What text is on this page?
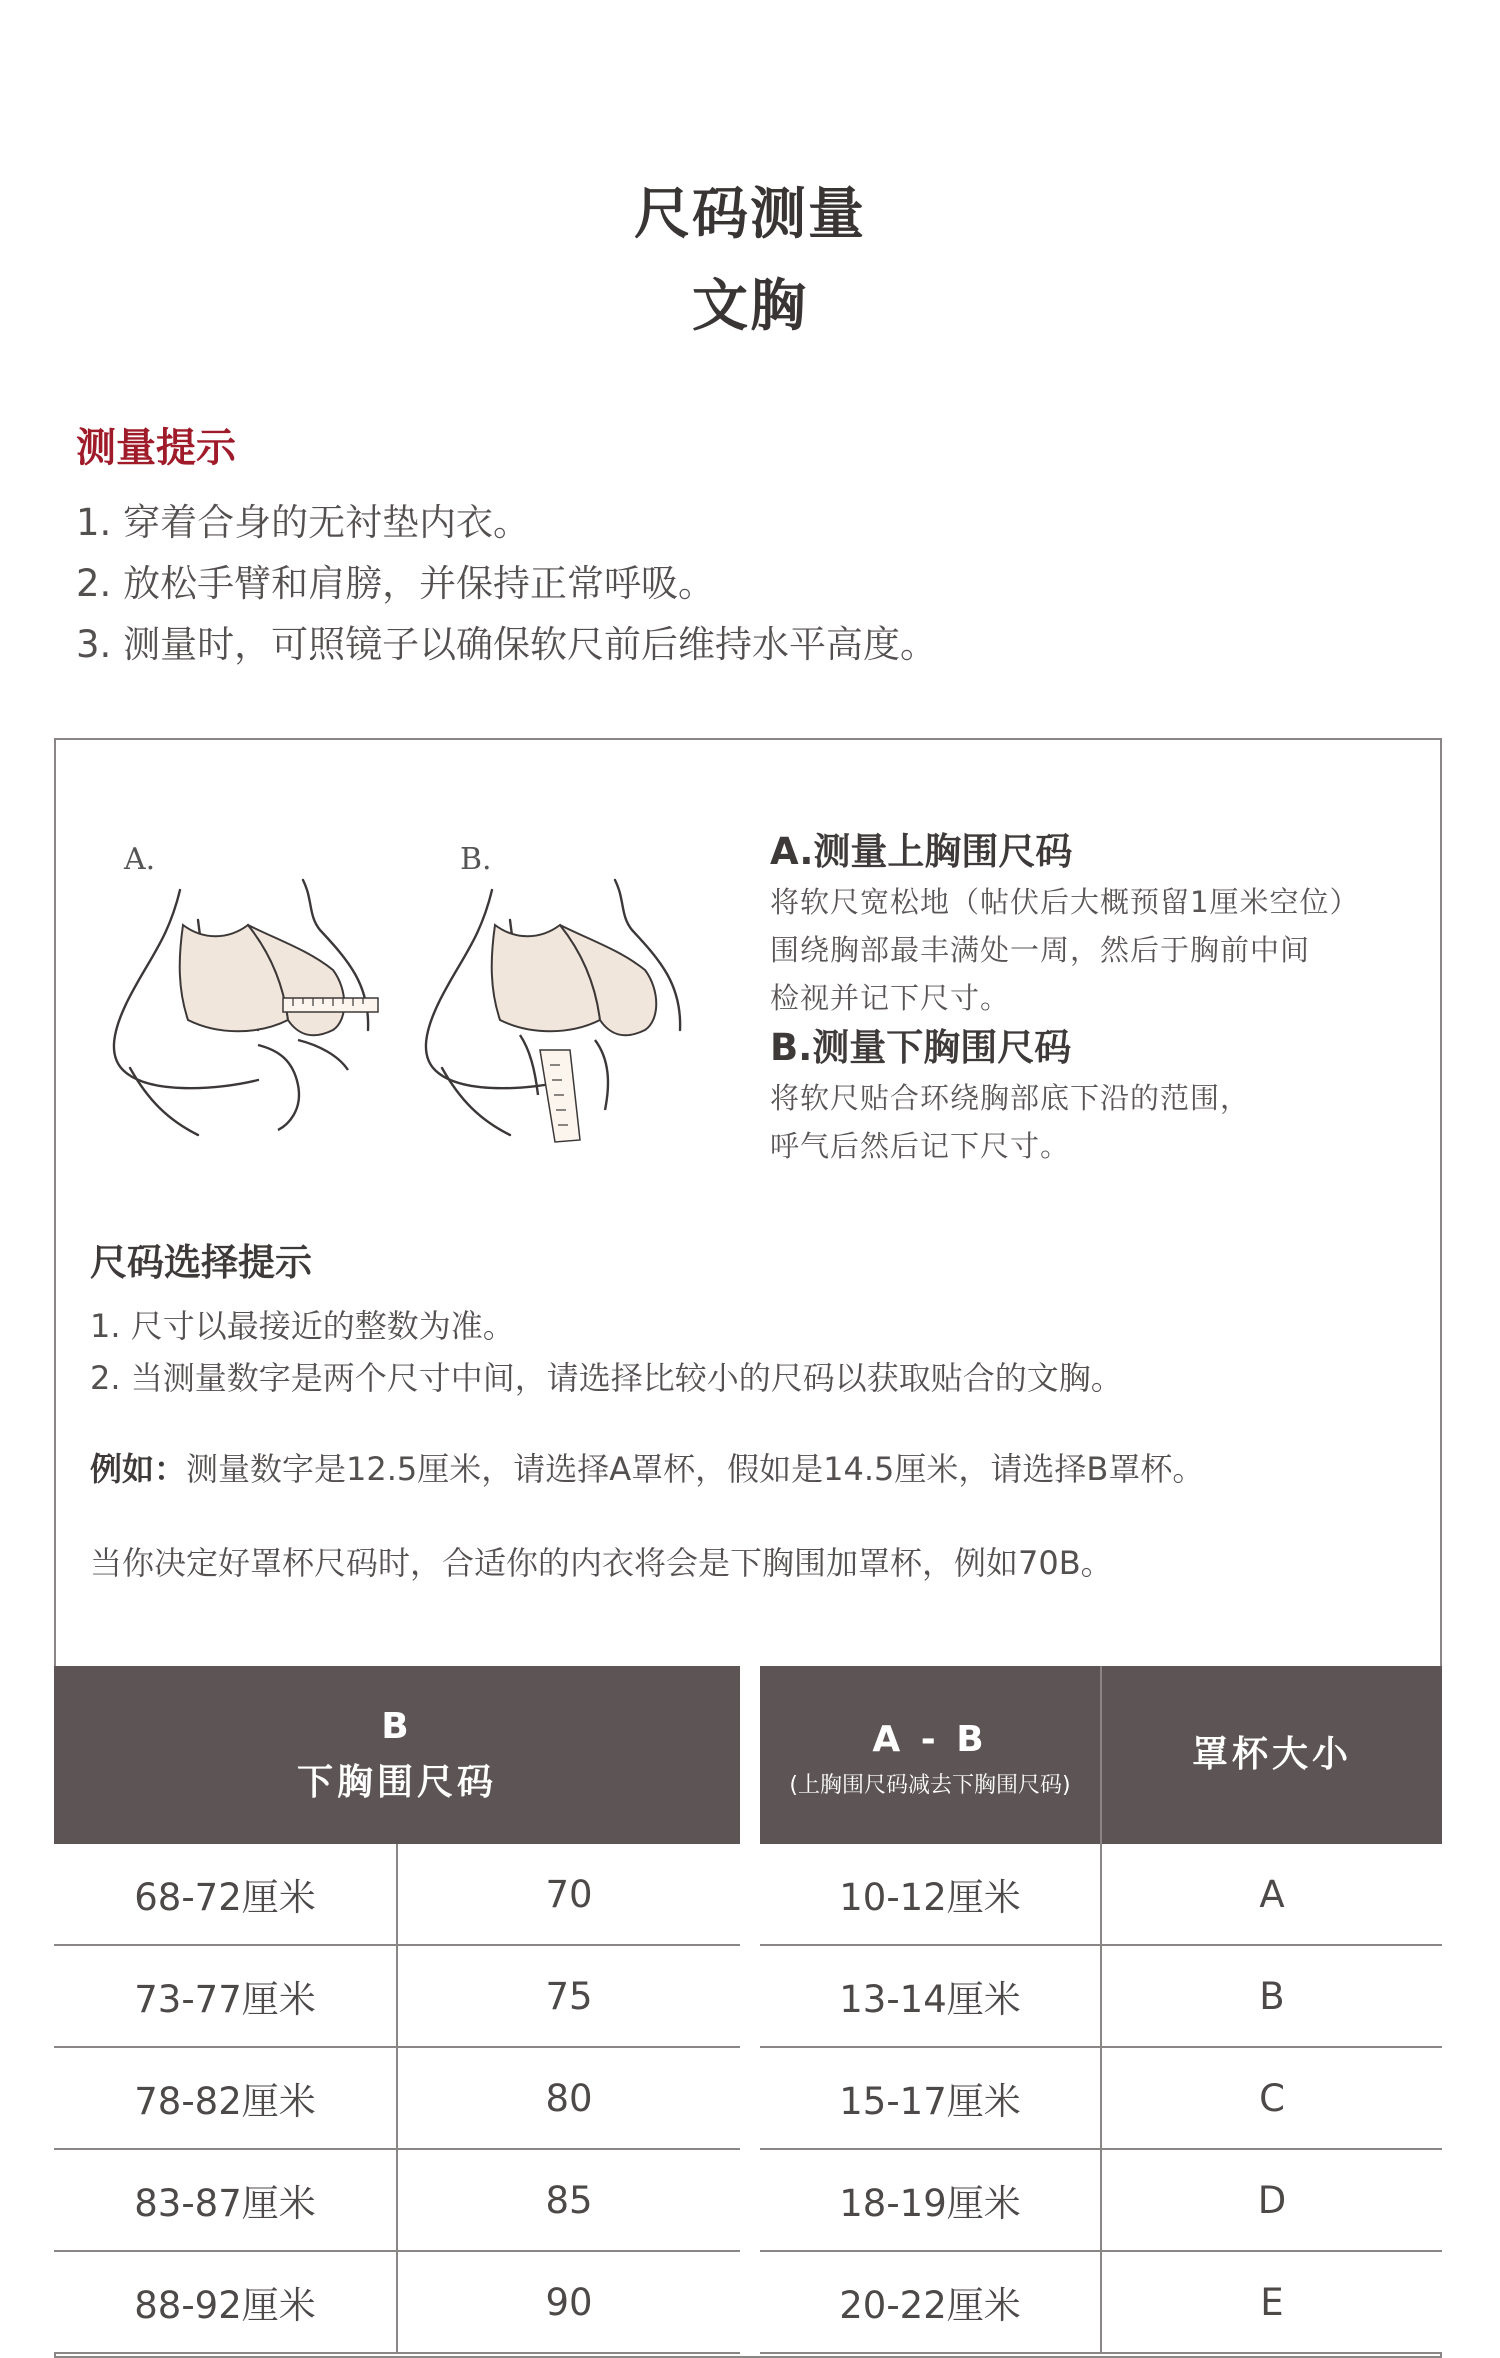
尺码测量
文胸
测量提示
1. 穿着合身的无衬垫内衣。
2. 放松手臂和肩膀，并保持正常呼吸。
3. 测量时，可照镜子以确保软尺前后维持水平高度。
A.	B.	A.测量上胸围尺码
将软尺宽松地（帖伏后大概预留1厘米空位）
围绕胸部最丰满处一周，然后于胸前中间
检视并记下尺寸。
B.测量下胸围尺码
将软尺贴合环绕胸部底下沿的范围，
呼气后然后记下尺寸。
尺码选择提示
1. 尺寸以最接近的整数为准。
2. 当测量数字是两个尺寸中间，请选择比较小的尺码以获取贴合的文胸。
例如：测量数字是12.5厘米，请选择A罩杯，假如是14.5厘米，请选择B罩杯。
当你决定好罩杯尺码时，合适你的内衣将会是下胸围加罩杯，例如70B。
B
下胸围尺码	

68-72厘米	70
73-77厘米	75
78-82厘米	80
83-87厘米	85
88-92厘米	90
A - B
(上胸围尺码减去下胸围尺码)	罩杯大小

10-12厘米	A
13-14厘米	B
15-17厘米	C
18-19厘米	D
20-22厘米	E
